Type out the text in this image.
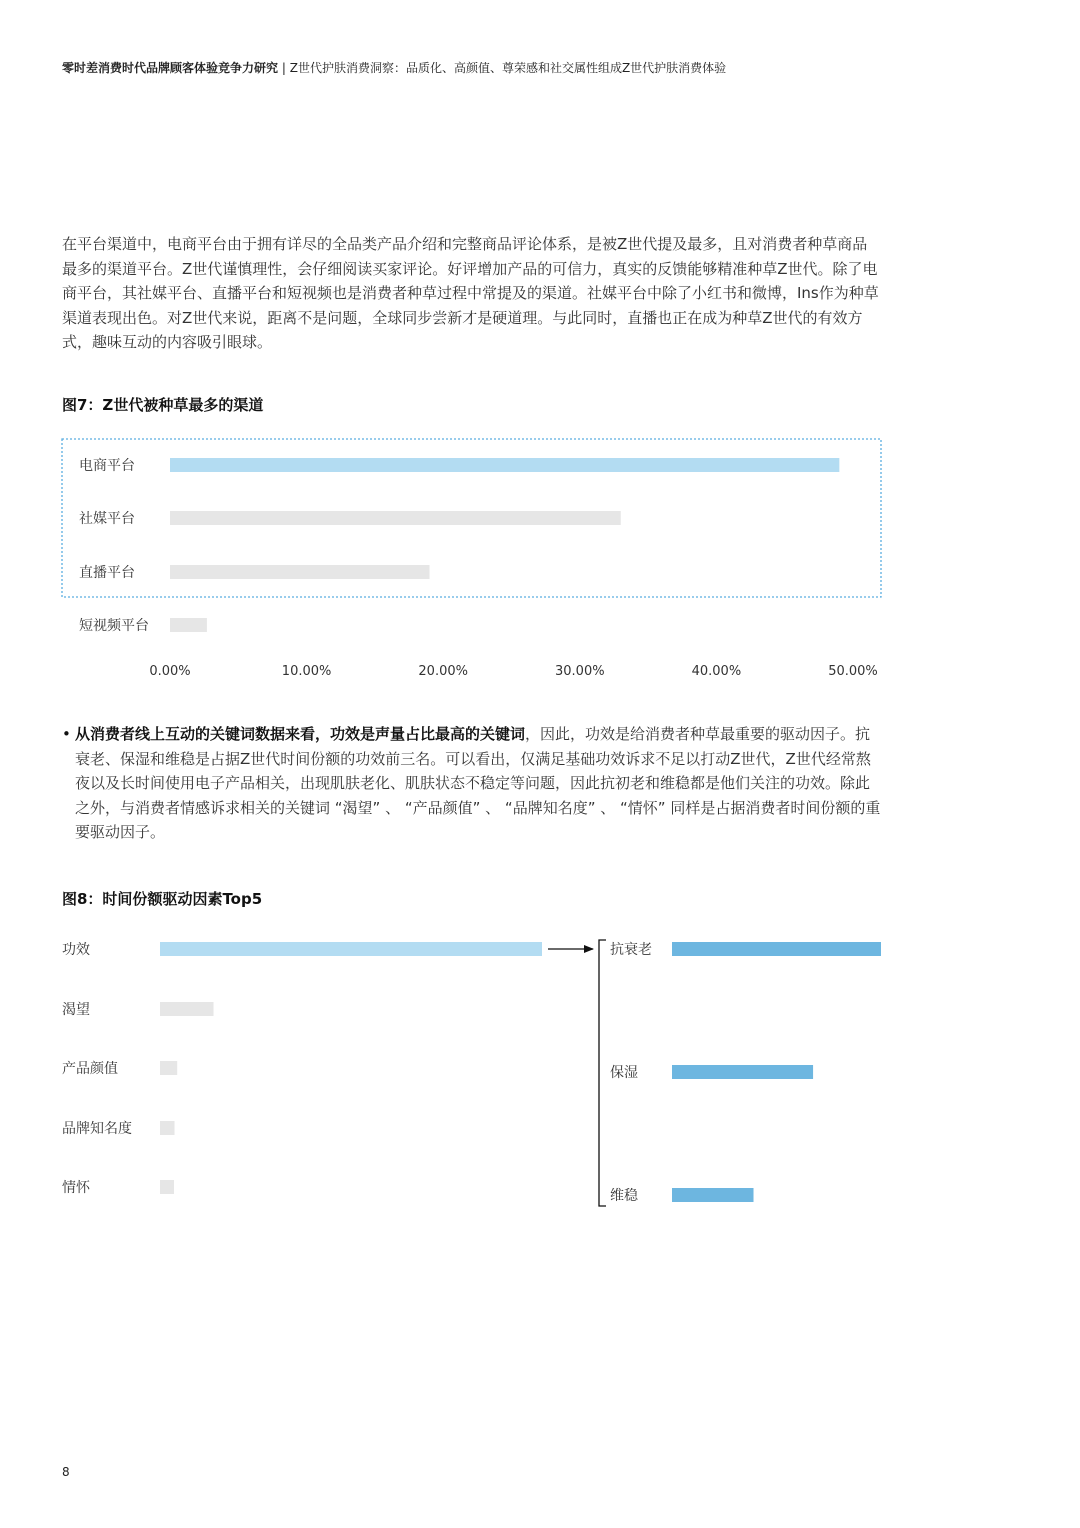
零时差消费时代品牌顾客体验竞争力研究 | Z世代护肤消费洞察：品质化、高颜值、尊荣感和社交属性组成Z世代护肤消费体验

在平台渠道中，电商平台由于拥有详尽的全品类产品介绍和完整商品评论体系，是被Z世代提及最多，且对消费者种草商品最多的渠道平台。Z世代谨慎理性，会仔细阅读买家评论。好评增加产品的可信力，真实的反馈能够精准种草Z世代。除了电商平台，其社媒平台、直播平台和短视频也是消费者种草过程中常提及的渠道。社媒平台中除了小红书和微博，Ins作为种草渠道表现出色。对Z世代来说，距离不是问题，全球同步尝新才是硬道理。与此同时，直播也正在成为种草Z世代的有效方式，趣味互动的内容吸引眼球。

图7：Z世代被种草最多的渠道
电商平台
社媒平台
直播平台
短视频平台
0.00%	10.00%	20.00%	30.00%	40.00%	50.00%
• 从消费者线上互动的关键词数据来看，功效是声量占比最高的关键词，因此，功效是给消费者种草最重要的驱动因子。抗衰老、保湿和维稳是占据Z世代时间份额的功效前三名。可以看出，仅满足基础功效诉求不足以打动Z世代，Z世代经常熬夜以及长时间使用电子产品相关，出现肌肤老化、肌肤状态不稳定等问题，因此抗初老和维稳都是他们关注的功效。除此之外，与消费者情感诉求相关的关键词 “渴望” 、 “产品颜值” 、 “品牌知名度” 、 “情怀” 同样是占据消费者时间份额的重要驱动因子。

图8：时间份额驱动因素Top5
功效
渴望
产品颜值
品牌知名度
情怀
抗衰老
保湿
维稳
8
